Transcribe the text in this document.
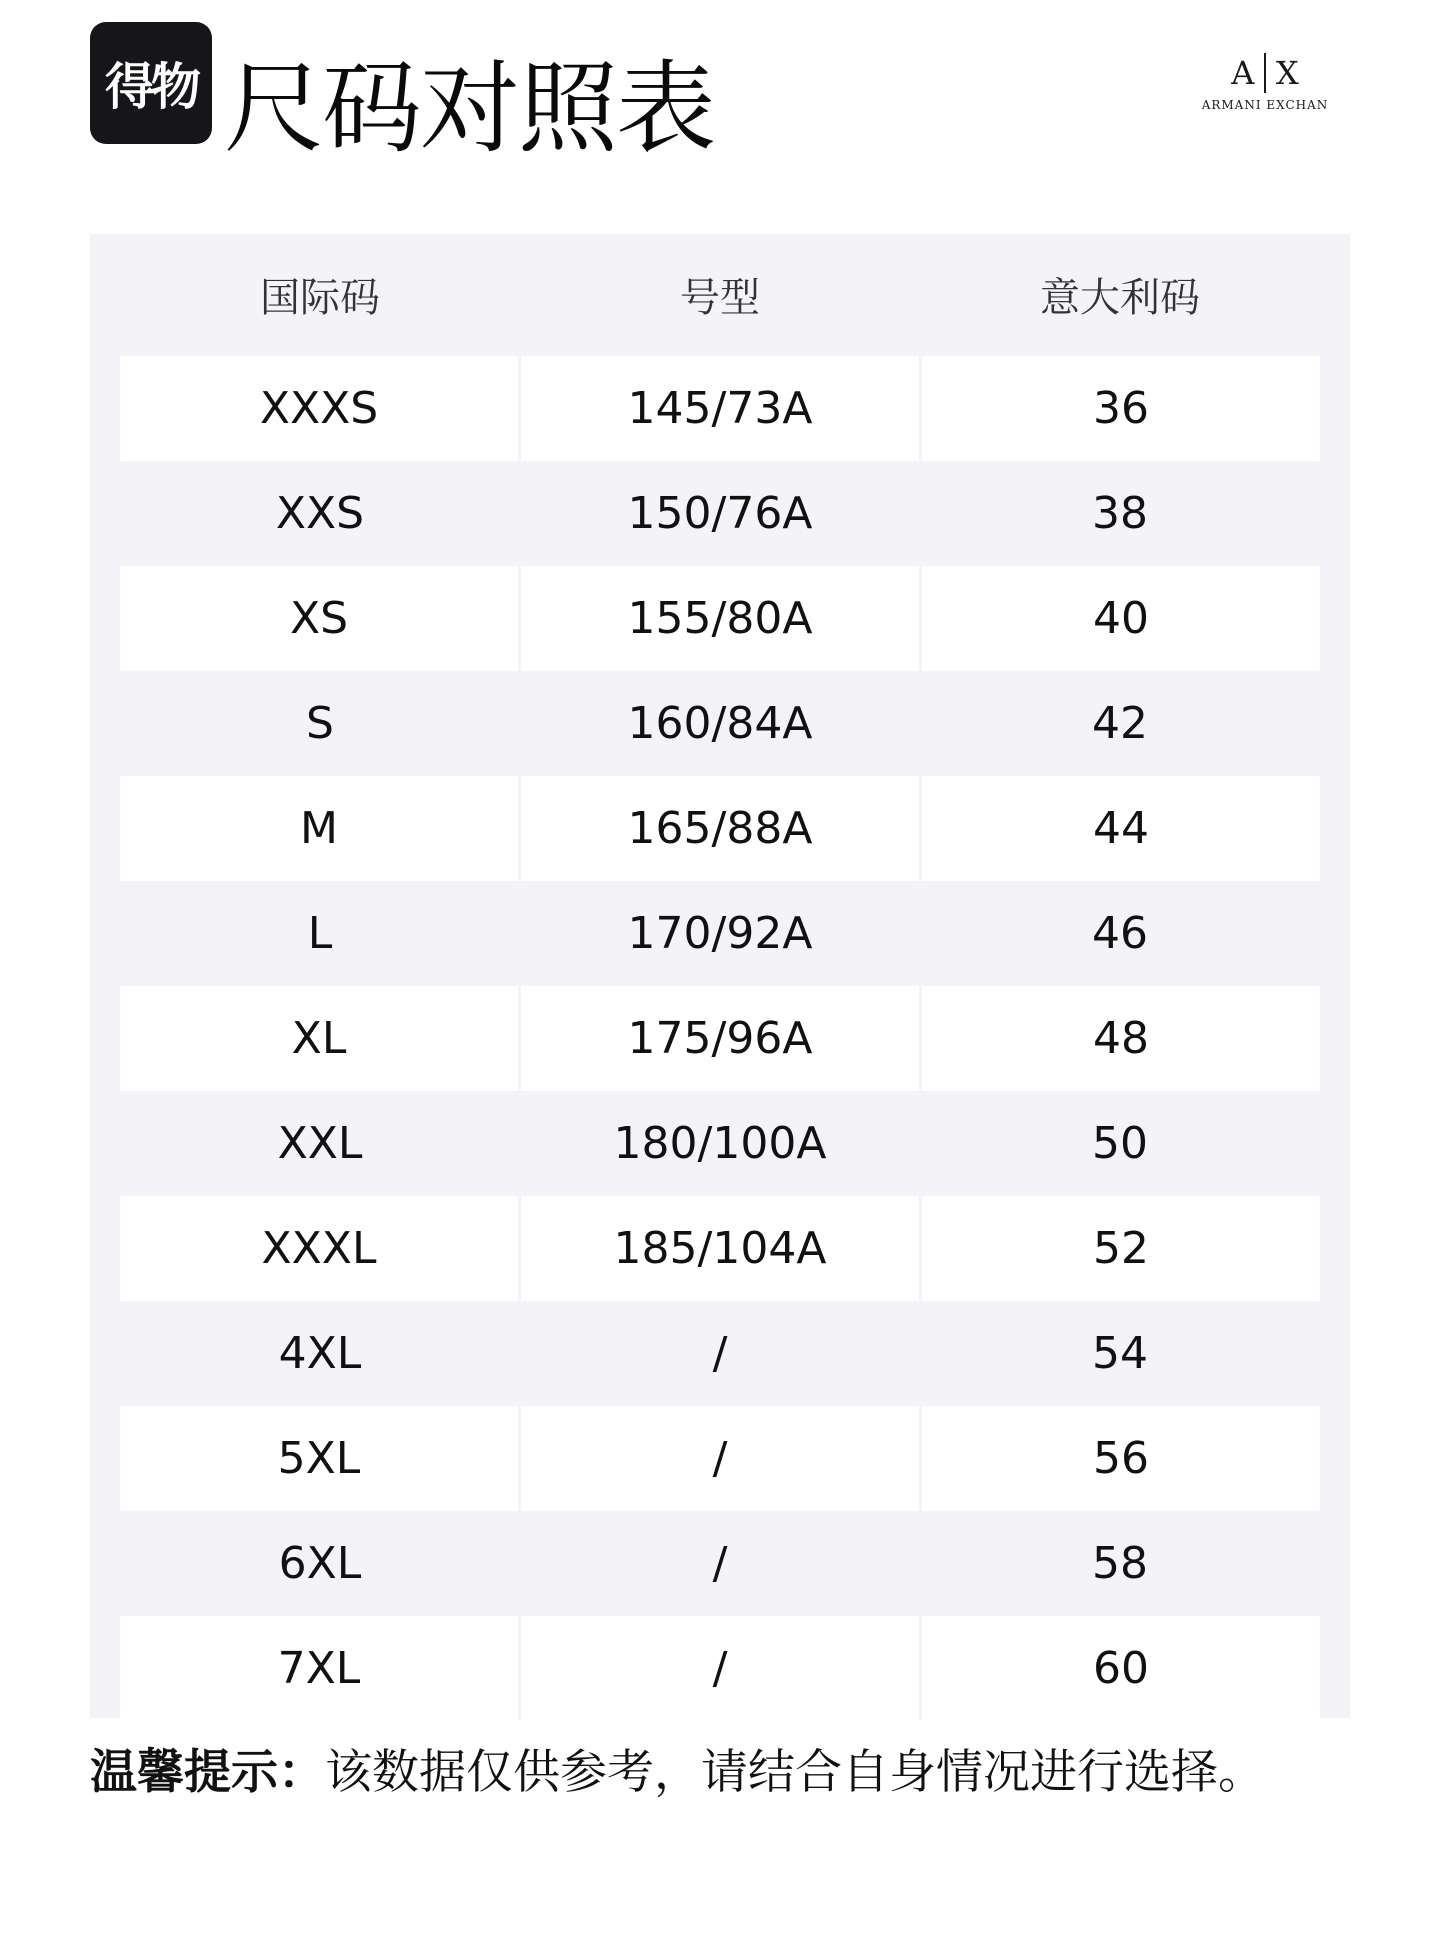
得物 尺码对照表	A X
ARMANI EXCHAN
国际码	号型	意大利码
XXXS	145/73A	36
XXS	150/76A	38
XS	155/80A	40
S	160/84A	42
M	165/88A	44
L	170/92A	46
XL	175/96A	48
XXL	180/100A	50
XXXL	185/104A	52
4XL	/	54
5XL	/	56
6XL	/	58
7XL	/	60
温馨提示：该数据仅供参考，请结合自身情况进行选择。
